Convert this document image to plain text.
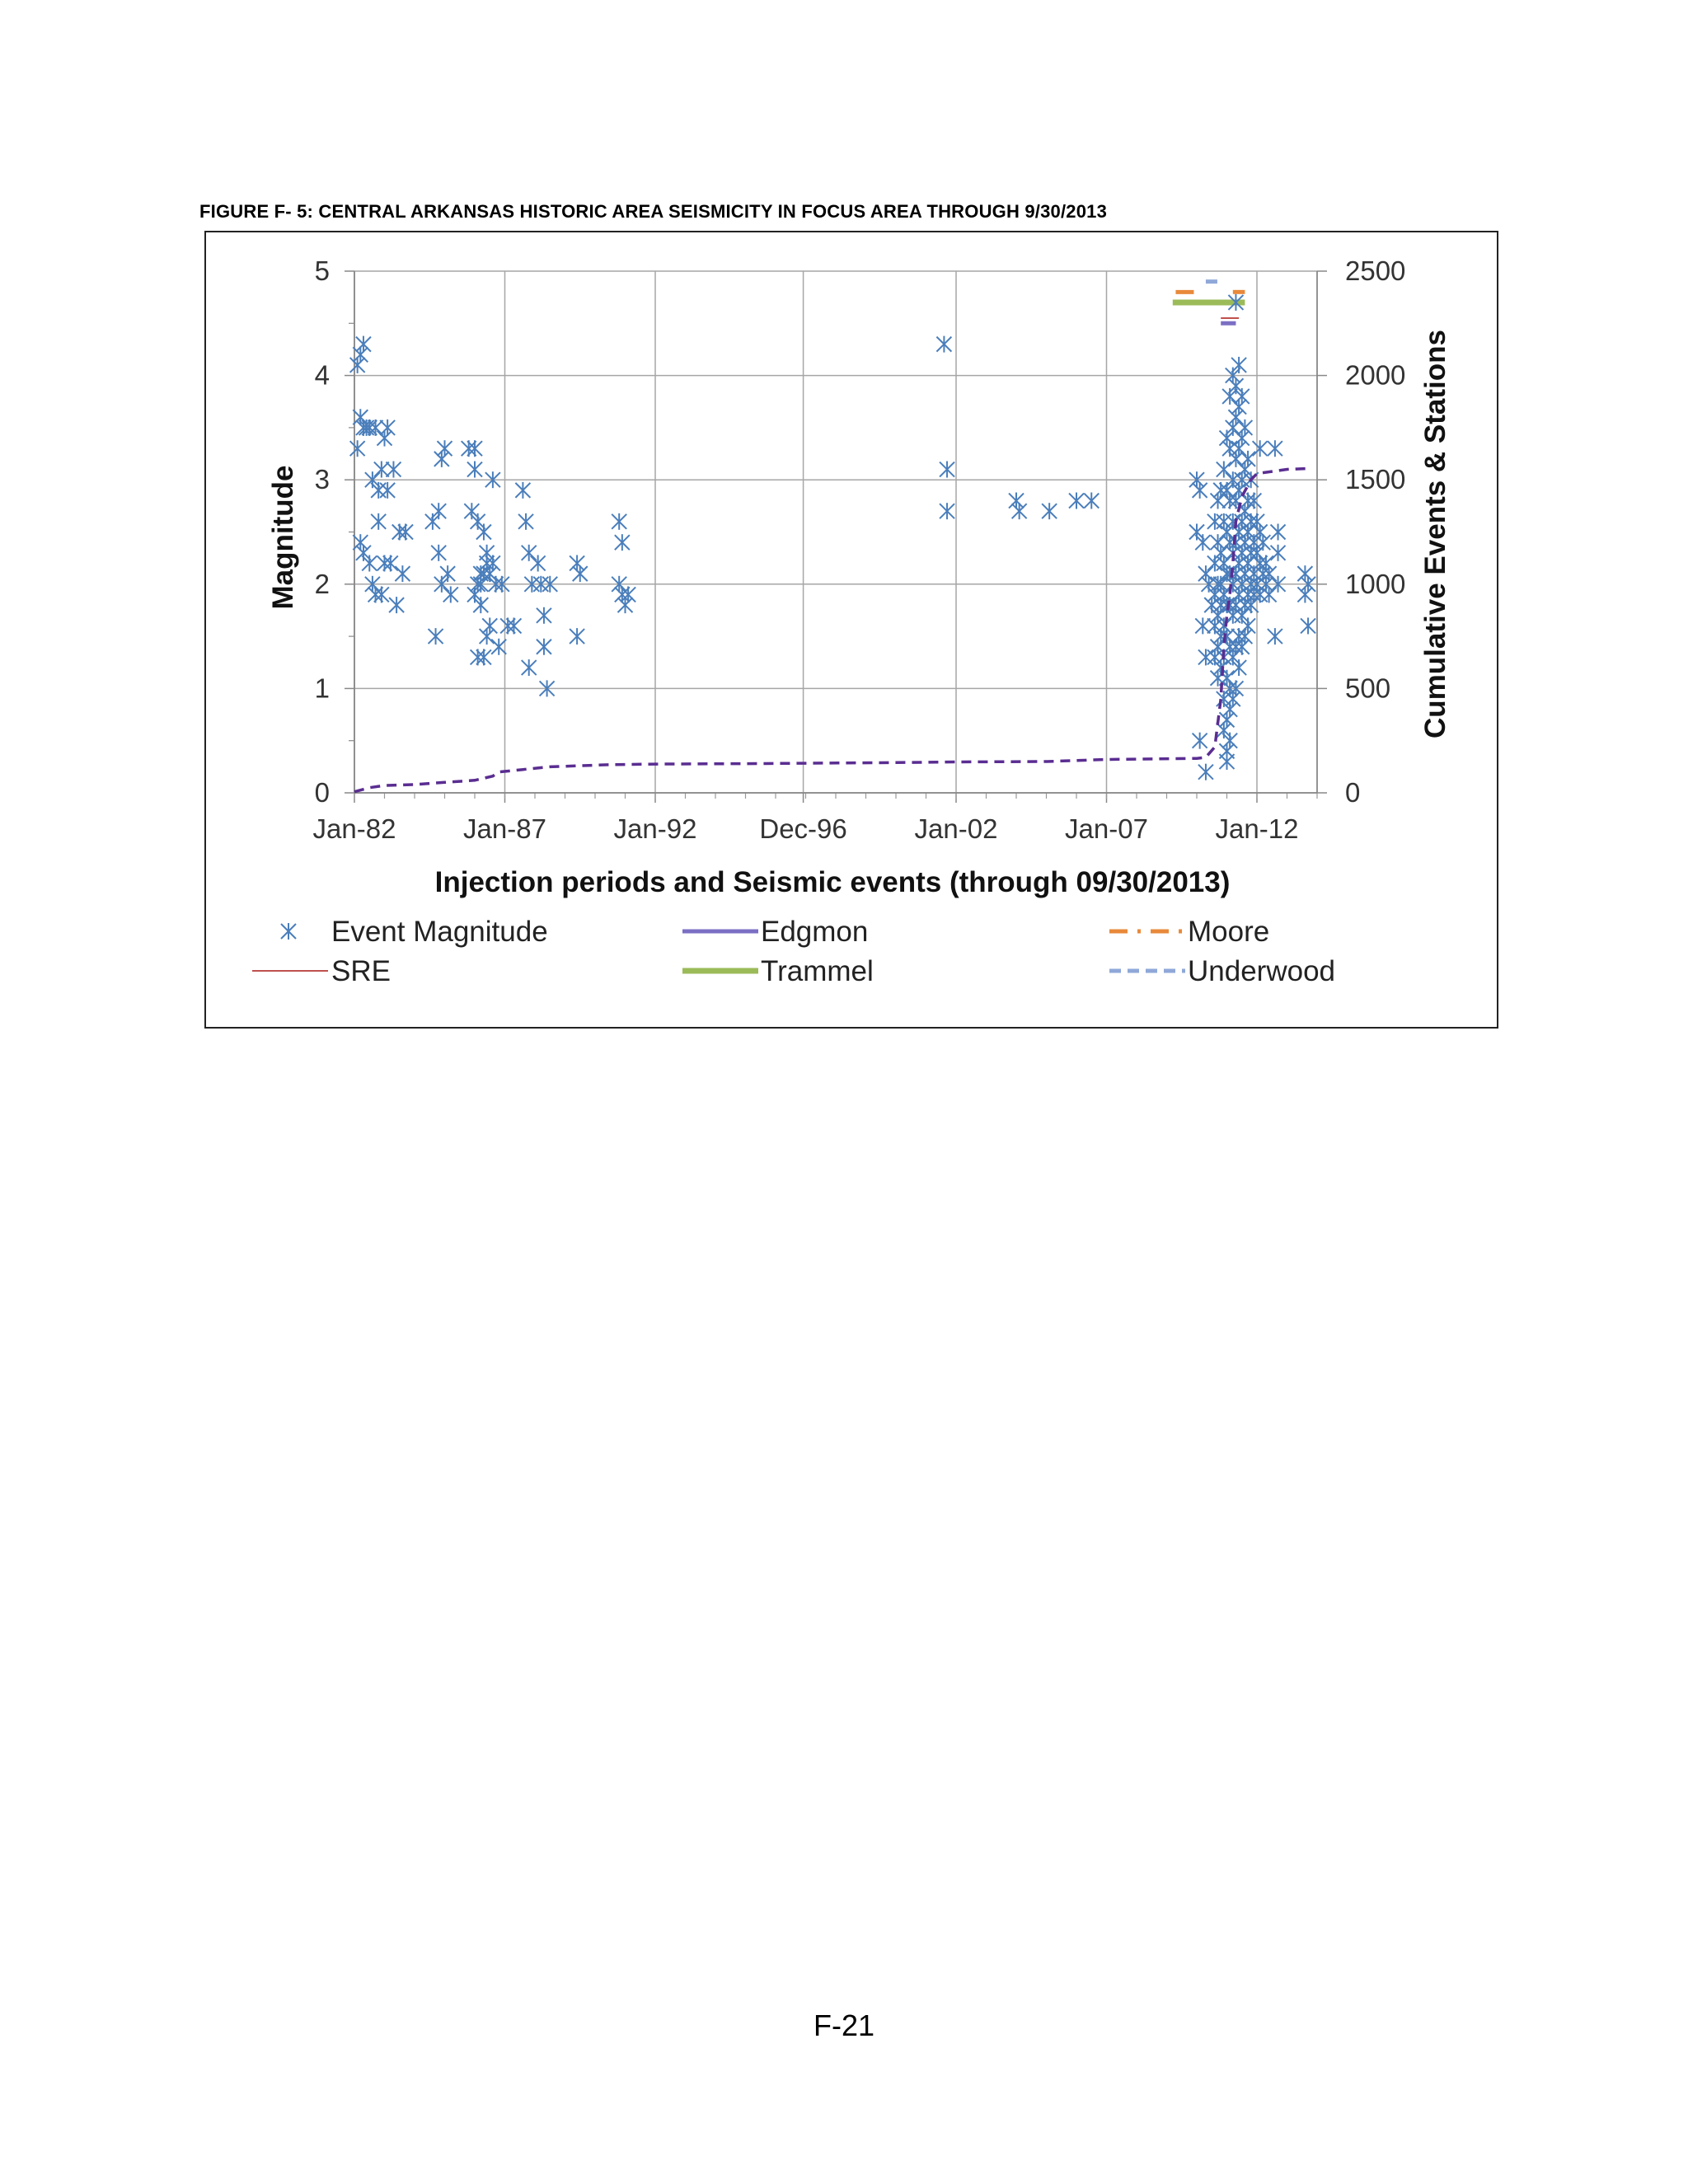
FIGURE F- 5: CENTRAL ARKANSAS HISTORIC AREA SEISMICITY IN FOCUS AREA THROUGH 9/30/2013
0
1
2
3
4
5
0
500
1000
1500
2000
2500
Jan-82 Jan-87 Jan-92 Dec-96 Jan-02 Jan-07 Jan-12
Magnitude	Cumulative Events & Stations
Injection periods and Seismic events (through 09/30/2013)
Event Magnitude	Edgmon	Moore
SRE	Trammel	Underwood
F-21
